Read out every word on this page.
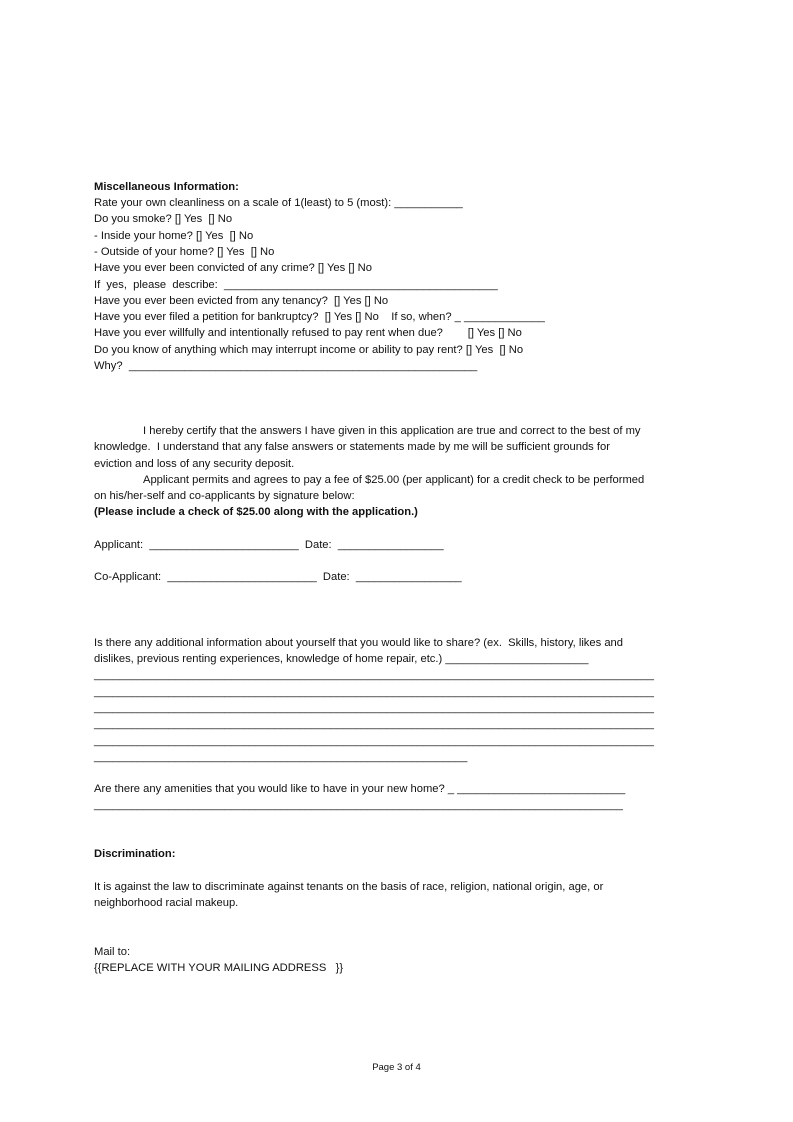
Miscellaneous Information:
Rate your own cleanliness on a scale of 1(least) to 5 (most): ___________
Do you smoke? [] Yes  [] No
- Inside your home? [] Yes  [] No
- Outside of your home? [] Yes  [] No
Have you ever been convicted of any crime? [] Yes [] No
If  yes,  please  describe:  ____________________________________________
Have you ever been evicted from any tenancy?  [] Yes [] No
Have you ever filed a petition for bankruptcy?  [] Yes [] No    If so, when? _ _____________
Have you ever willfully and intentionally refused to pay rent when due?        [] Yes [] No
Do you know of anything which may interrupt income or ability to pay rent? [] Yes  [] No
Why?  ________________________________________________________
I hereby certify that the answers I have given in this application are true and correct to the best of my
knowledge.  I understand that any false answers or statements made by me will be sufficient grounds for
eviction and loss of any security deposit.
Applicant permits and agrees to pay a fee of $25.00 (per applicant) for a credit check to be performed
on his/her-self and co-applicants by signature below:
(Please include a check of $25.00 along with the application.)
Applicant:  ________________________  Date:  _________________
Co-Applicant:  ________________________  Date:  _________________
Is there any additional information about yourself that you would like to share? (ex.  Skills, history, likes and
dislikes, previous renting experiences, knowledge of home repair, etc.) _______________________
__________________________________________________________________________________________
__________________________________________________________________________________________
__________________________________________________________________________________________
__________________________________________________________________________________________
__________________________________________________________________________________________
____________________________________________________________
Are there any amenities that you would like to have in your new home? _ ___________________________
_____________________________________________________________________________________
Discrimination:
It is against the law to discriminate against tenants on the basis of race, religion, national origin, age, or
neighborhood racial makeup.
Mail to:
{{REPLACE WITH YOUR MAILING ADDRESS   }}
Page 3 of 4
